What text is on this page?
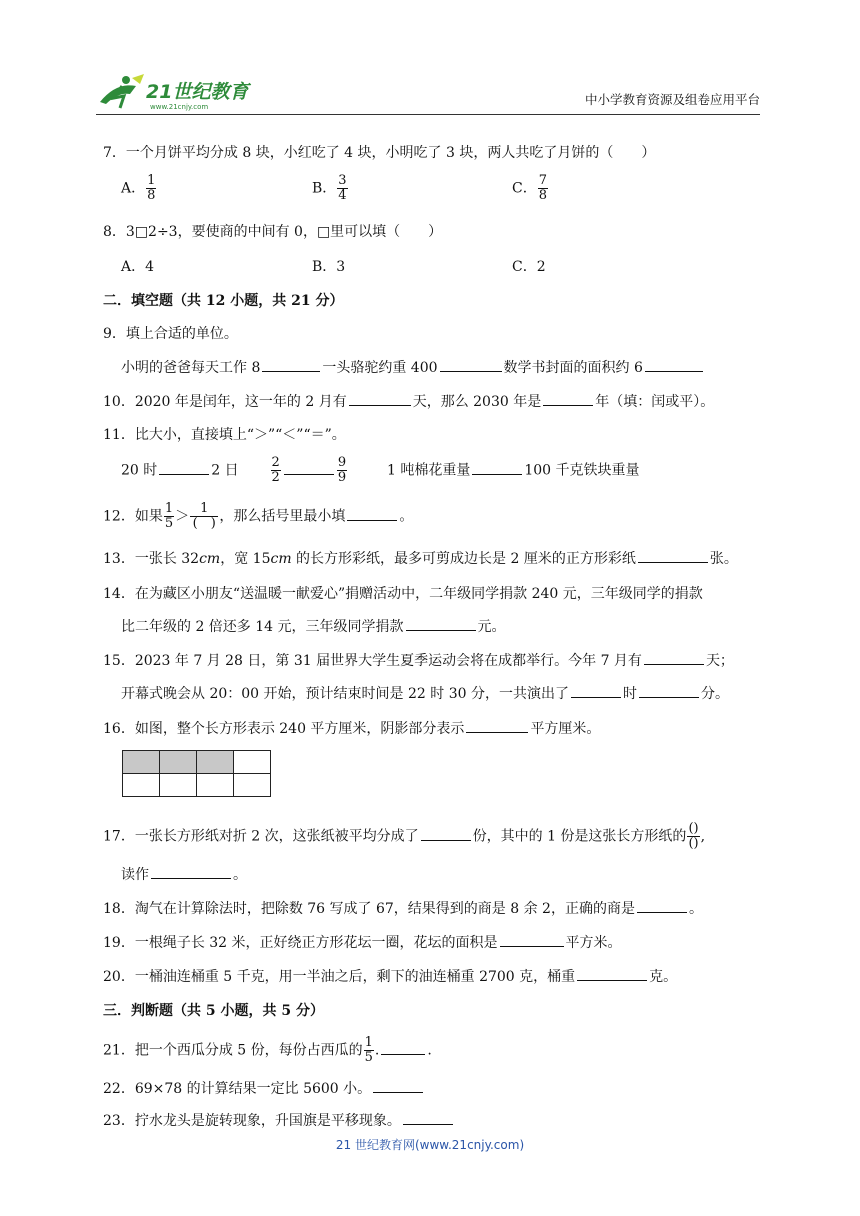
21世纪教育
www.21cnjy.com	中小学教育资源及组卷应用平台
7．一个月饼平均分成 8 块，小红吃了 4 块，小明吃了 3 块，两人共吃了月饼的（　　）
A． $\frac{1}{8}$	B． $\frac{3}{4}$	C． $\frac{7}{8}$
8．3□2÷3，要使商的中间有 0，□里可以填（　　）
A．4	B．3	C．2
二．填空题（共 12 小题，共 21 分）
9．填上合适的单位。
小明的爸爸每天工作 8	一头骆驼约重 400	数学书封面的面积约 6
10．2020 年是闰年，这一年的 2 月有	天，那么 2030 年是	年（填：闰或平）。
11．比大小，直接填上“＞”“＜”“＝”。
20 时	2 日 $\frac{2}{2}$	$\frac{9}{9}$	1 吨棉花重量	100 千克铁块重量
12．如果 $\frac{1}{5} > \frac{1}{( )}$ ，那么括号里最小填	。
13．一张长 32cm，宽 15cm 的长方形彩纸，最多可剪成边长是 2 厘米的正方形彩纸	张。
14．在为藏区小朋友“送温暖一献爱心”捐赠活动中，二年级同学捐款 240 元，三年级同学的捐款
比二年级的 2 倍还多 14 元，三年级同学捐款	元。
15．2023 年 7 月 28 日，第 31 届世界大学生夏季运动会将在成都举行。今年 7 月有	天；
开幕式晚会从 20：00 开始，预计结束时间是 22 时 30 分，一共演出了	时	分。
16．如图，整个长方形表示 240 平方厘米，阴影部分表示	平方厘米。

17．一张长方形纸对折 2 次，这张纸被平均分成了	份，其中的 1 份是这张长方形纸的 $\frac{()}{()}$ ,
读作	。
18．淘气在计算除法时，把除数 76 写成了 67，结果得到的商是 8 余 2，正确的商是	。
19．一根绳子长 32 米，正好绕正方形花坛一圈，花坛的面积是	平方米。
20．一桶油连桶重 5 千克，用一半油之后，剩下的油连桶重 2700 克，桶重	克。
三．判断题（共 5 小题，共 5 分）
21．把一个西瓜分成 5 份，每份占西瓜的 $\frac{1}{5}$ .	.
22．69×78 的计算结果一定比 5600 小。
23．拧水龙头是旋转现象，升国旗是平移现象。
21 世纪教育网(www.21cnjy.com)
